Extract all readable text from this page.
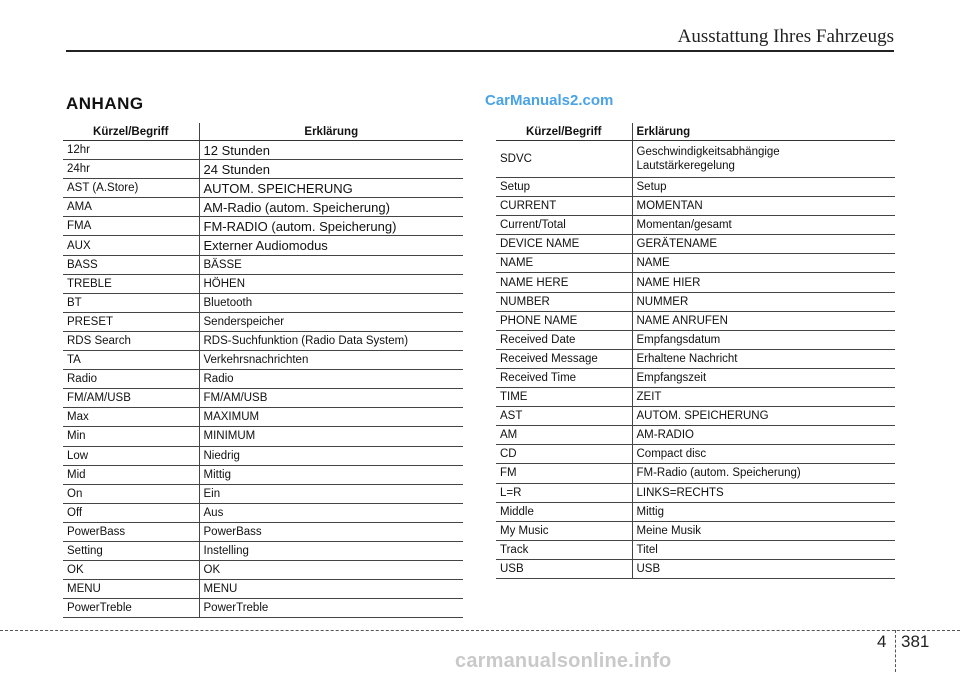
Ausstattung Ihres Fahrzeugs
ANHANG	CarManuals2.com
Kürzel/Begriff	Erklärung
12hr	12 Stunden
24hr	24 Stunden
AST (A.Store)	AUTOM. SPEICHERUNG
AMA	AM-Radio (autom. Speicherung)
FMA	FM-RADIO (autom. Speicherung)
AUX	Externer Audiomodus
BASS	BÄSSE
TREBLE	HÖHEN
BT	Bluetooth
PRESET	Senderspeicher
RDS Search	RDS-Suchfunktion (Radio Data System)
TA	Verkehrsnachrichten
Radio	Radio
FM/AM/USB	FM/AM/USB
Max	MAXIMUM
Min	MINIMUM
Low	Niedrig
Mid	Mittig
On	Ein
Off	Aus
PowerBass	PowerBass
Setting	Instelling
OK	OK
MENU	MENU
PowerTreble	PowerTreble
Kürzel/Begriff	Erklärung
SDVC	Geschwindigkeitsabhängige
Lautstärkeregelung

Setup	Setup
CURRENT	MOMENTAN
Current/Total	Momentan/gesamt
DEVICE NAME	GERÄTENAME
NAME	NAME
NAME HERE	NAME HIER
NUMBER	NUMMER
PHONE NAME	NAME ANRUFEN
Received Date	Empfangsdatum
Received Message	Erhaltene Nachricht
Received Time	Empfangszeit
TIME	ZEIT
AST	AUTOM. SPEICHERUNG
AM	AM-RADIO
CD	Compact disc
FM	FM-Radio (autom. Speicherung)
L=R	LINKS=RECHTS
Middle	Mittig
My Music	Meine Musik
Track	Titel
USB	USB
4 381
carmanualsonline.info
